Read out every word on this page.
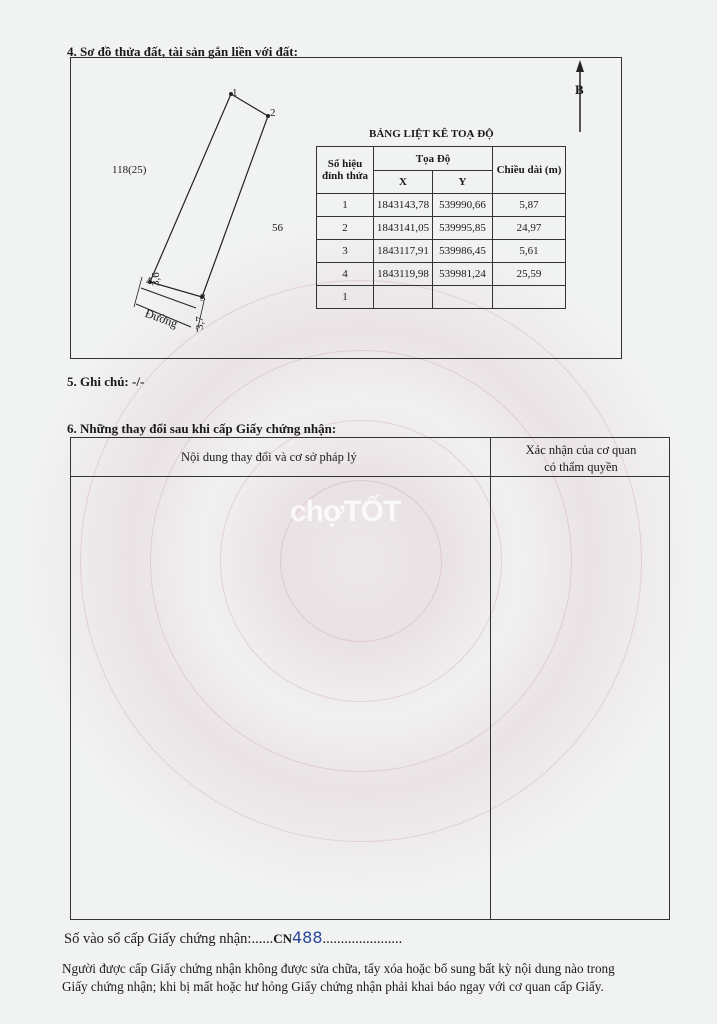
4. Sơ đồ thửa đất, tài sản gắn liền với đất:
1
2
3
4
118(25)
56
Đường
3,6
3,7
B
BẢNG LIỆT KÊ TOẠ ĐỘ
Số hiệu đỉnh thửa	Tọa Độ		Chiều dài (m)
	X	Y	
1	1843143,78	539990,66	5,87
2	1843141,05	539995,85	24,97
3	1843117,91	539986,45	5,61
4	1843119,98	539981,24	25,59
1			
5. Ghi chú: -/-
6. Những thay đổi sau khi cấp Giấy chứng nhận:
Nội dung thay đổi và cơ sở pháp lý	Xác nhận của cơ quan
có thẩm quyền
chợTỐT
Số vào sổ cấp Giấy chứng nhận:......CN488......................
Người được cấp Giấy chứng nhận không được sửa chữa, tẩy xóa hoặc bổ sung bất kỳ nội dung nào trong
Giấy chứng nhận; khi bị mất hoặc hư hỏng Giấy chứng nhận phải khai báo ngay với cơ quan cấp Giấy.
